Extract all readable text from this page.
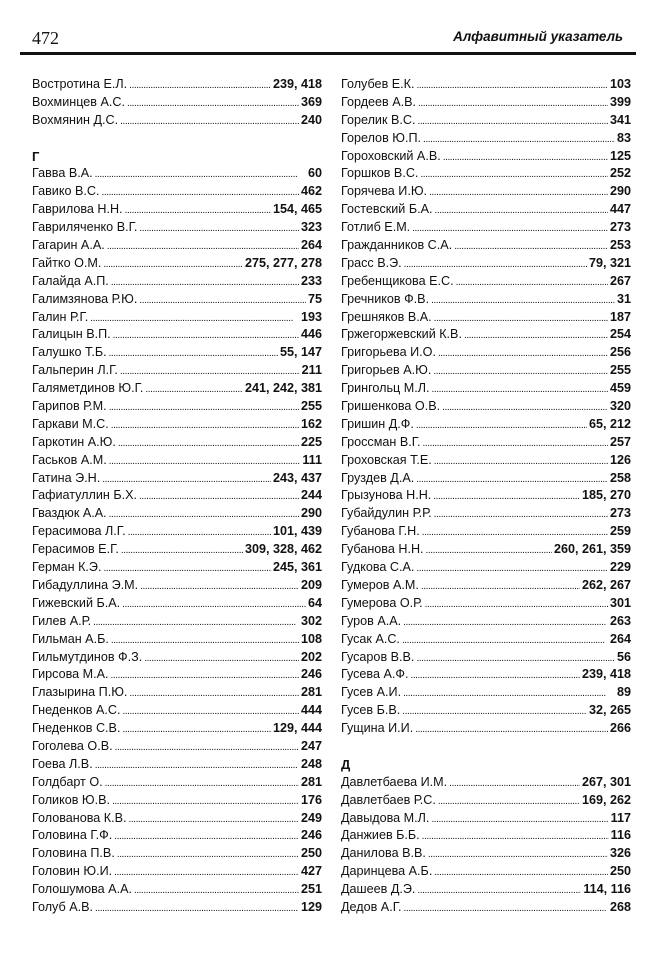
472	Алфавитный указатель
Востротина Е.Л. . . .	239, 418
Вохминцев А.С. . . .	369
Вохмянин Д.С. . . .	240
Г
Гавва В.А. . . .	60
Гавико В.С. . . .	462
Гаврилова Н.Н. . . .	154, 465
Гавриляченко В.Г. . . .	323
Гагарин А.А. . . .	264
Гайтко О.М. . . .	275, 277, 278
Галайда А.П. . . .	233
Галимзянова Р.Ю. . . .	75
Галин Р.Г. . . .	193
Галицын В.П. . . .	446
Галушко Т.Б. . . .	55, 147
Гальперин Л.Г. . . .	211
Галяметдинов Ю.Г. . . .	241, 242, 381
Гарипов Р.М. . . .	255
Гаркави М.С. . . .	162
Гаркотин А.Ю. . . .	225
Гаськов А.М. . . .	111
Гатина Э.Н. . . .	243, 437
Гафиатуллин Б.Х. . . .	244
Гваздюк А.А. . . .	290
Герасимова Л.Г. . . .	101, 439
Герасимов Е.Г. . . .	309, 328, 462
Герман К.Э. . . .	245, 361
Гибадуллина Э.М. . . .	209
Гижевский Б.А. . . .	64
Гилев А.Р. . . .	302
Гильман А.Б. . . .	108
Гильмутдинов Ф.З. . . .	202
Гирсова М.А. . . .	246
Глазырина П.Ю. . . .	281
Гнеденков А.С. . . .	444
Гнеденков С.В. . . .	129, 444
Гоголева О.В. . . .	247
Гоева Л.В. . . .	248
Голдбарт О. . . .	281
Голиков Ю.В. . . .	176
Голованова К.В. . . .	249
Головина Г.Ф. . . .	246
Головина П.В. . . .	250
Головин Ю.И. . . .	427
Голошумова А.А. . . .	251
Голуб А.В. . . .	129
Голубев Е.К. . . .	103
Гордеев А.В. . . .	399
Горелик В.С. . . .	341
Горелов Ю.П. . . .	83
Гороховский А.В. . . .	125
Горшков В.С. . . .	252
Горячева И.Ю. . . .	290
Гостевский Б.А. . . .	447
Готлиб Е.М. . . .	273
Гражданников С.А. . . .	253
Грасс В.Э. . . .	79, 321
Гребенщикова Е.С. . . .	267
Гречников Ф.В. . . .	31
Грешняков В.А. . . .	187
Гржегоржевский К.В. . . .	254
Григорьева И.О. . . .	256
Григорьев А.Ю. . . .	255
Грингольц М.Л. . . .	459
Гришенкова О.В. . . .	320
Гришин Д.Ф. . . .	65, 212
Гроссман В.Г. . . .	257
Гроховская Т.Е. . . .	126
Груздев Д.А. . . .	258
Грызунова Н.Н. . . .	185, 270
Губайдулин Р.Р. . . .	273
Губанова Г.Н. . . .	259
Губанова Н.Н. . . .	260, 261, 359
Гудкова С.А. . . .	229
Гумеров А.М. . . .	262, 267
Гумерова О.Р. . . .	301
Гуров А.А. . . .	263
Гусак А.С. . . .	264
Гусаров В.В. . . .	56
Гусева А.Ф. . . .	239, 418
Гусев А.И. . . .	89
Гусев Б.В. . . .	32, 265
Гущина И.И. . . .	266
Д
Давлетбаева И.М. . . .	267, 301
Давлетбаев Р.С. . . .	169, 262
Давыдова М.Л. . . .	117
Данжиев Б.Б. . . .	116
Данилова В.В. . . .	326
Даринцева А.Б. . . .	250
Дашеев Д.Э. . . .	114, 116
Дедов А.Г. . . .	268
